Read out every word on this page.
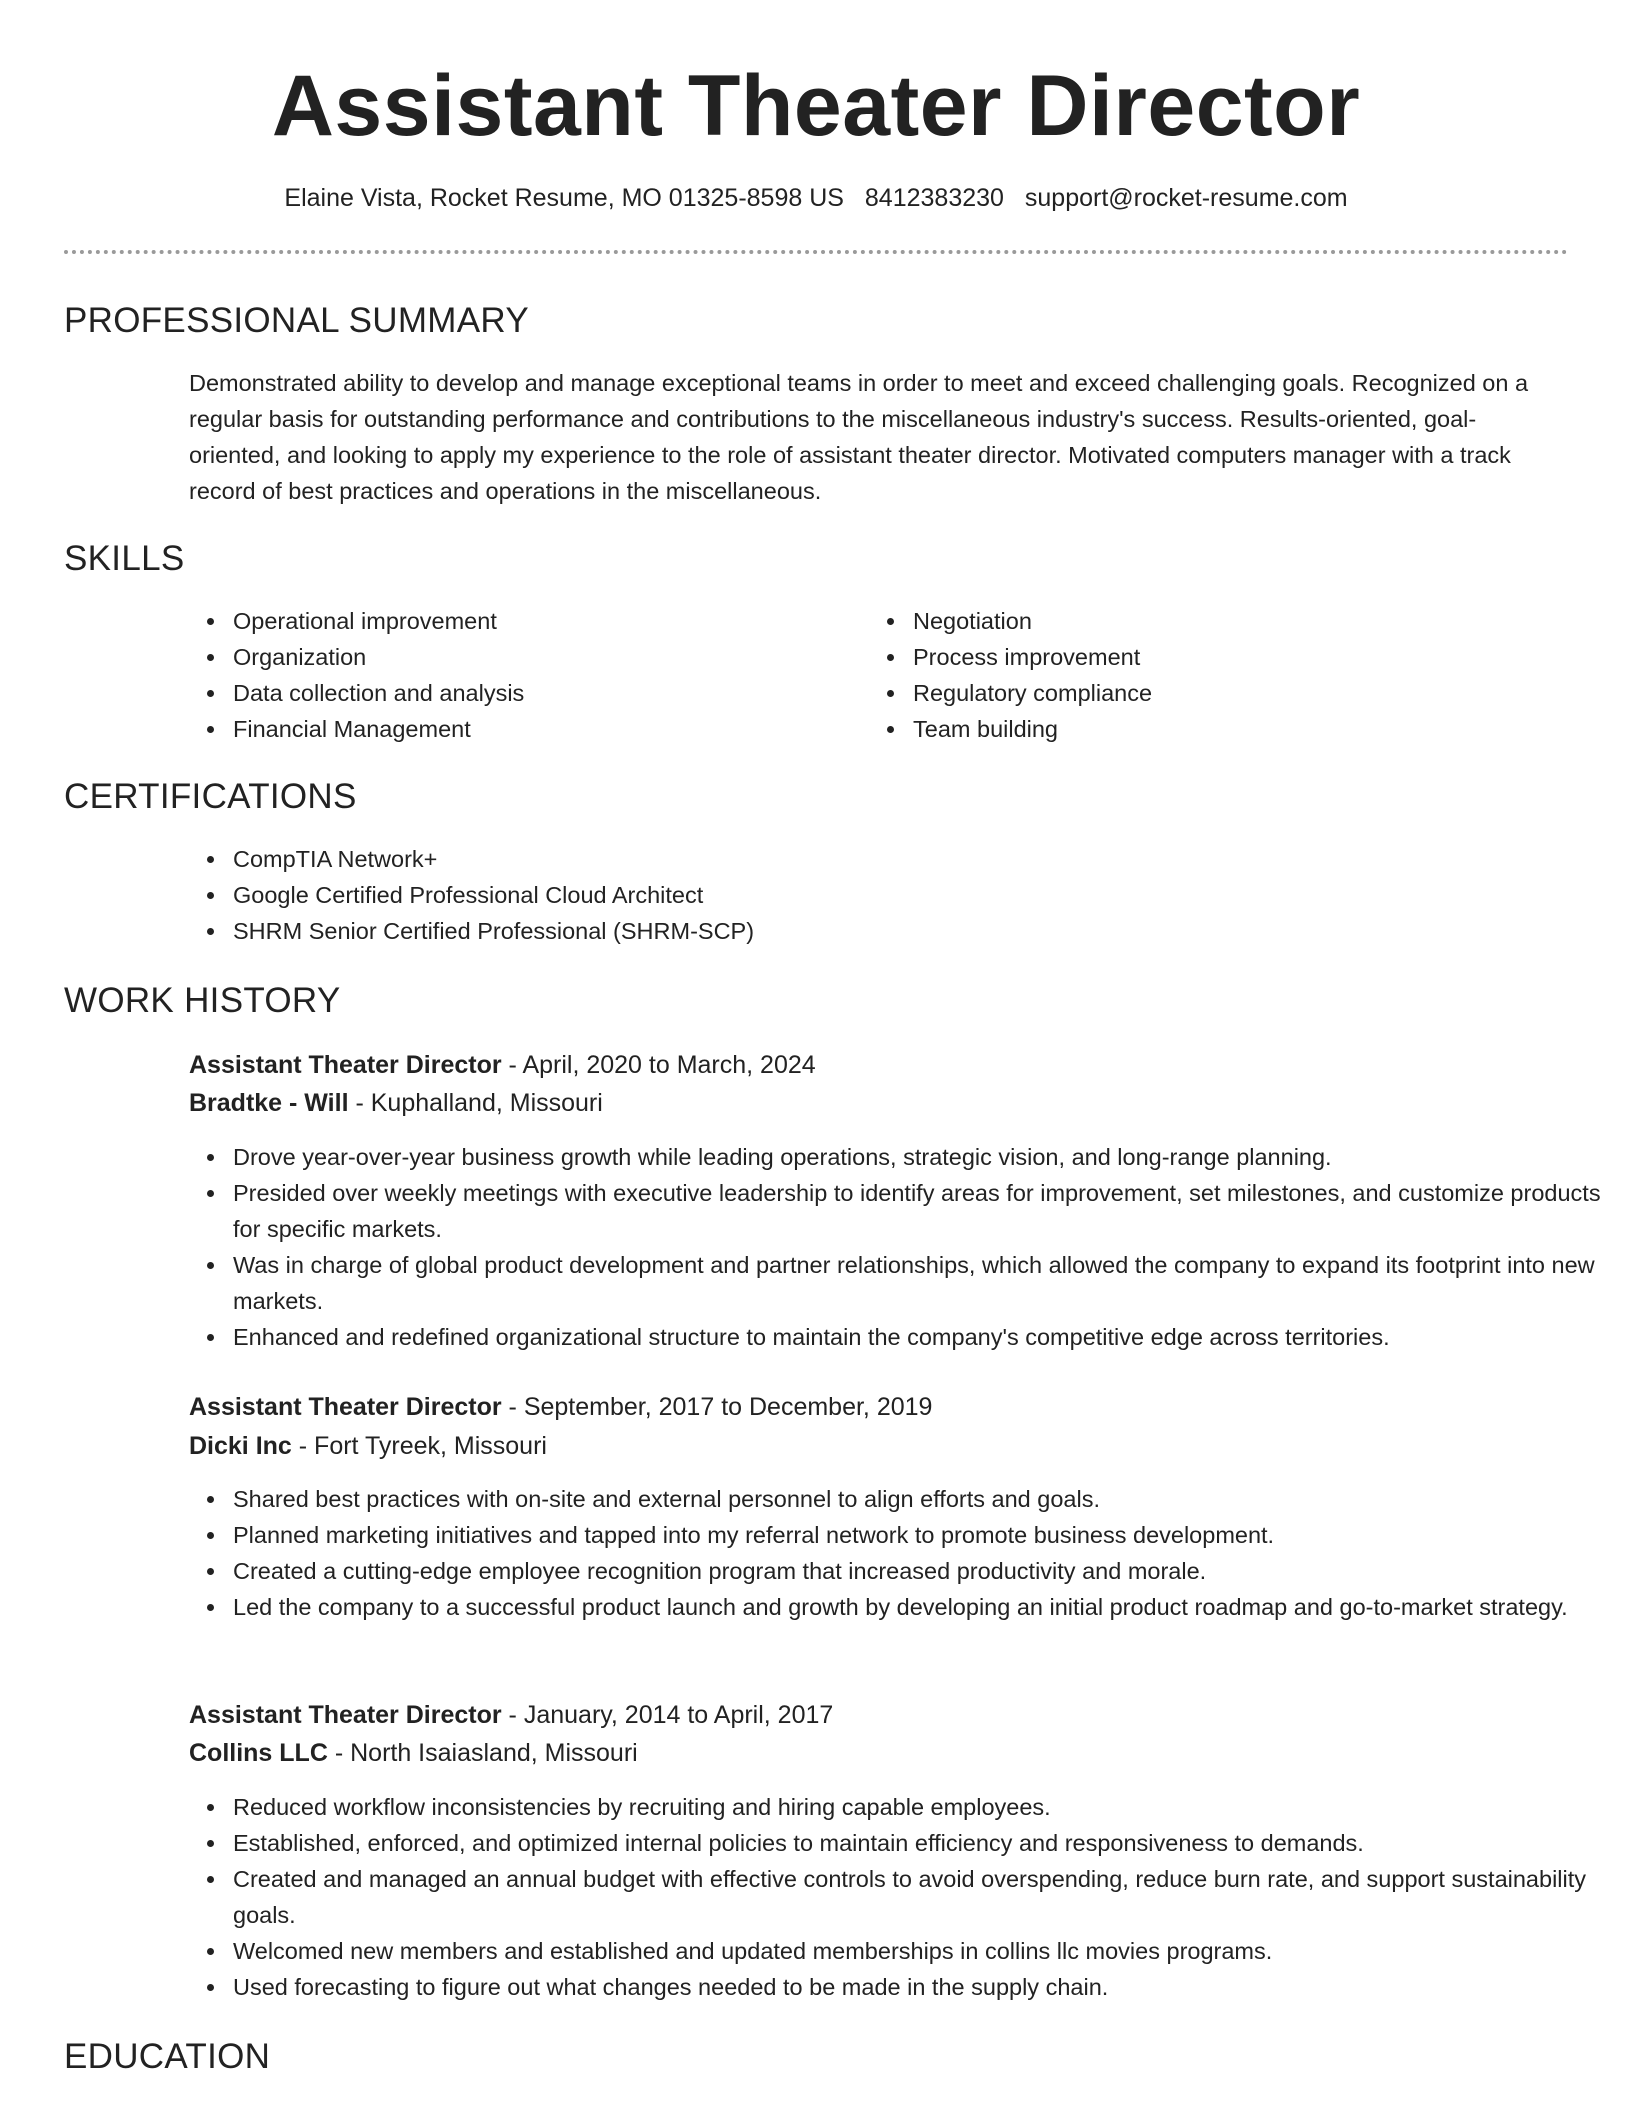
Assistant Theater Director
Elaine Vista, Rocket Resume, MO 01325-8598 US 8412383230 support@rocket-resume.com
PROFESSIONAL SUMMARY

Demonstrated ability to develop and manage exceptional teams in order to meet and exceed challenging goals. Recognized on a regular basis for outstanding performance and contributions to the miscellaneous industry's success. Results-oriented, goal-oriented, and looking to apply my experience to the role of assistant theater director. Motivated computers manager with a track record of best practices and operations in the miscellaneous.

SKILLS
Operational improvement
Organization
Data collection and analysis
Financial Management
Negotiation
Process improvement
Regulatory compliance
Team building
CERTIFICATIONS
CompTIA Network+
Google Certified Professional Cloud Architect
SHRM Senior Certified Professional (SHRM-SCP)
WORK HISTORY
Assistant Theater Director - April, 2020 to March, 2024
Bradtke - Will - Kuphalland, Missouri
Drove year-over-year business growth while leading operations, strategic vision, and long-range planning.
Presided over weekly meetings with executive leadership to identify areas for improvement, set milestones, and customize products for specific markets.
Was in charge of global product development and partner relationships, which allowed the company to expand its footprint into new markets.
Enhanced and redefined organizational structure to maintain the company's competitive edge across territories.
Assistant Theater Director - September, 2017 to December, 2019
Dicki Inc - Fort Tyreek, Missouri
Shared best practices with on-site and external personnel to align efforts and goals.
Planned marketing initiatives and tapped into my referral network to promote business development.
Created a cutting-edge employee recognition program that increased productivity and morale.
Led the company to a successful product launch and growth by developing an initial product roadmap and go-to-market strategy.
Assistant Theater Director - January, 2014 to April, 2017
Collins LLC - North Isaiasland, Missouri
Reduced workflow inconsistencies by recruiting and hiring capable employees.
Established, enforced, and optimized internal policies to maintain efficiency and responsiveness to demands.
Created and managed an annual budget with effective controls to avoid overspending, reduce burn rate, and support sustainability goals.
Welcomed new members and established and updated memberships in collins llc movies programs.
Used forecasting to figure out what changes needed to be made in the supply chain.
EDUCATION
